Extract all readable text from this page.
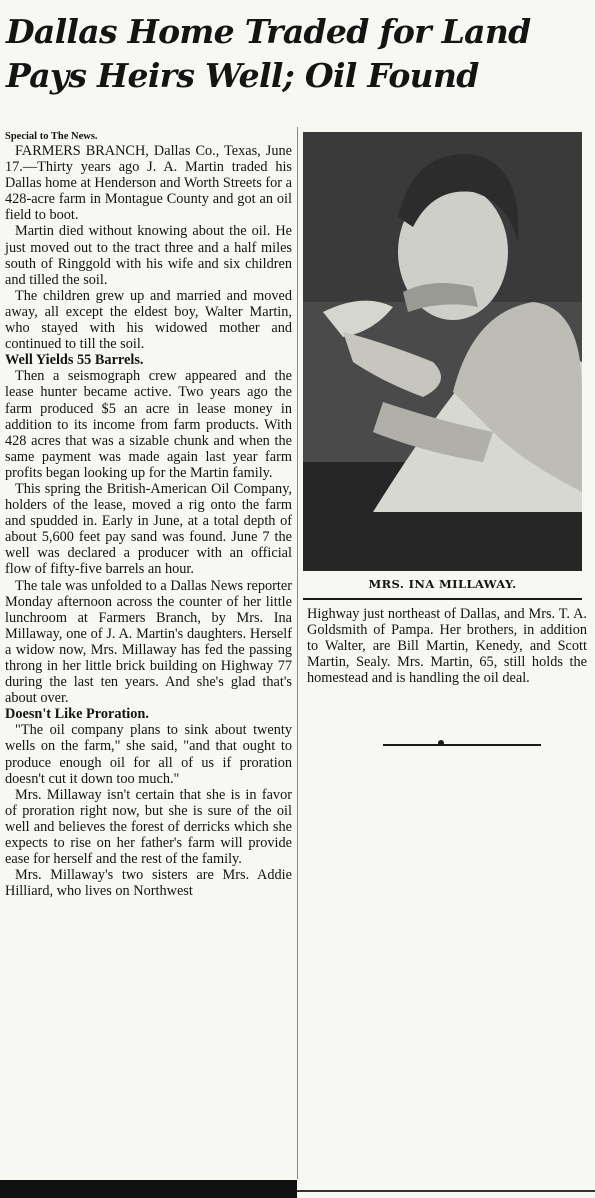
Dallas Home Traded for Land Pays Heirs Well; Oil Found

Special to The News.

FARMERS BRANCH, Dallas Co., Texas, June 17.—Thirty years ago J. A. Martin traded his Dallas home at Henderson and Worth Streets for a 428-acre farm in Montague County and got an oil field to boot.

Martin died without knowing about the oil. He just moved out to the tract three and a half miles south of Ringgold with his wife and six children and tilled the soil.

The children grew up and married and moved away, all except the eldest boy, Walter Martin, who stayed with his widowed mother and continued to till the soil.

Well Yields 55 Barrels.

Then a seismograph crew appeared and the lease hunter became active. Two years ago the farm produced $5 an acre in lease money in addition to its income from farm products. With 428 acres that was a sizable chunk and when the same payment was made again last year farm profits began looking up for the Martin family.

This spring the British-American Oil Company, holders of the lease, moved a rig onto the farm and spudded in. Early in June, at a total depth of about 5,600 feet pay sand was found. June 7 the well was declared a producer with an official flow of fifty-five barrels an hour.

The tale was unfolded to a Dallas News reporter Monday afternoon across the counter of her little lunchroom at Farmers Branch, by Mrs. Ina Millaway, one of J. A. Martin's daughters. Herself a widow now, Mrs. Millaway has fed the passing throng in her little brick building on Highway 77 during the last ten years. And she's glad that's about over.

Doesn't Like Proration.

"The oil company plans to sink about twenty wells on the farm," she said, "and that ought to produce enough oil for all of us if proration doesn't cut it down too much."

Mrs. Millaway isn't certain that she is in favor of proration right now, but she is sure of the oil well and believes the forest of derricks which she expects to rise on her father's farm will provide ease for herself and the rest of the family.

Mrs. Millaway's two sisters are Mrs. Addie Hilliard, who lives on Northwest

MRS. INA MILLAWAY.

Highway just northeast of Dallas, and Mrs. T. A. Goldsmith of Pampa. Her brothers, in addition to Walter, are Bill Martin, Kenedy, and Scott Martin, Sealy. Mrs. Martin, 65, still holds the homestead and is handling the oil deal.
